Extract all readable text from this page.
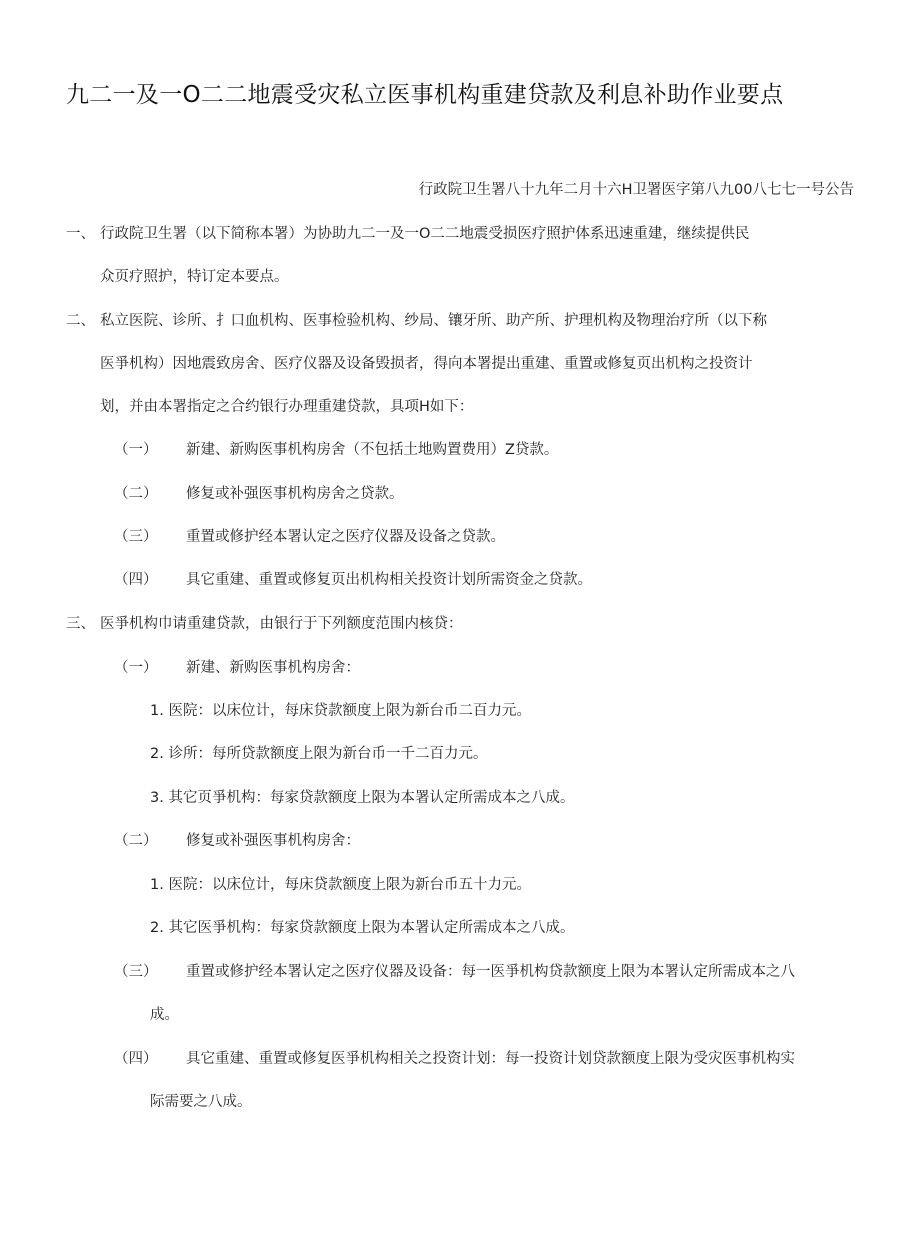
九二一及一O二二地震受灾私立医事机构重建贷款及利息补助作业要点
行政院卫生署八十九年二月十六H卫署医字第八九00八七七一号公告
一、 行政院卫生署（以下简称本署）为协助九二一及一O二二地震受损医疗照护体系迅速重建，继续提供民
众页疗照护，特订定本要点。
二、 私立医院、诊所、扌口血机构、医事检验机构、纱局、镶牙所、助产所、护理机构及物理治疗所（以下称
医爭机构）因地震致房舍、医疗仪器及设备毁损者，得向本署提出重建、重置或修复页出机构之投资计
划，并由本署指定之合约银行办理重建贷款，具项H如下：
（一） 新建、新购医事机构房舍（不包括土地购置费用）Z贷款。
（二） 修复或补强医事机构房舍之贷款。
（三） 重置或修护经本署认定之医疗仪器及设备之贷款。
（四） 具它重建、重置或修复页出机构相关投资计划所需资金之贷款。
三、 医爭机构巾请重建贷款，由银行于下列额度范围内核贷：
（一） 新建、新购医事机构房舍：
1. 医院：以床位计，每床贷款额度上限为新台币二百力元。
2. 诊所：每所贷款额度上限为新台币一千二百力元。
3. 其它页爭机构：每家贷款额度上限为本署认定所需成本之八成。
（二） 修复或补强医事机构房舍：
1. 医院：以床位计，每床贷款额度上限为新台币五十力元。
2. 其它医爭机构：每家贷款额度上限为本署认定所需成本之八成。
（三） 重置或修护经本署认定之医疗仪器及设备：每一医爭机构贷款额度上限为本署认定所需成本之八
成。
（四） 具它重建、重置或修复医爭机构相关之投资计划：每一投资计划贷款额度上限为受灾医事机构实
际需要之八成。
